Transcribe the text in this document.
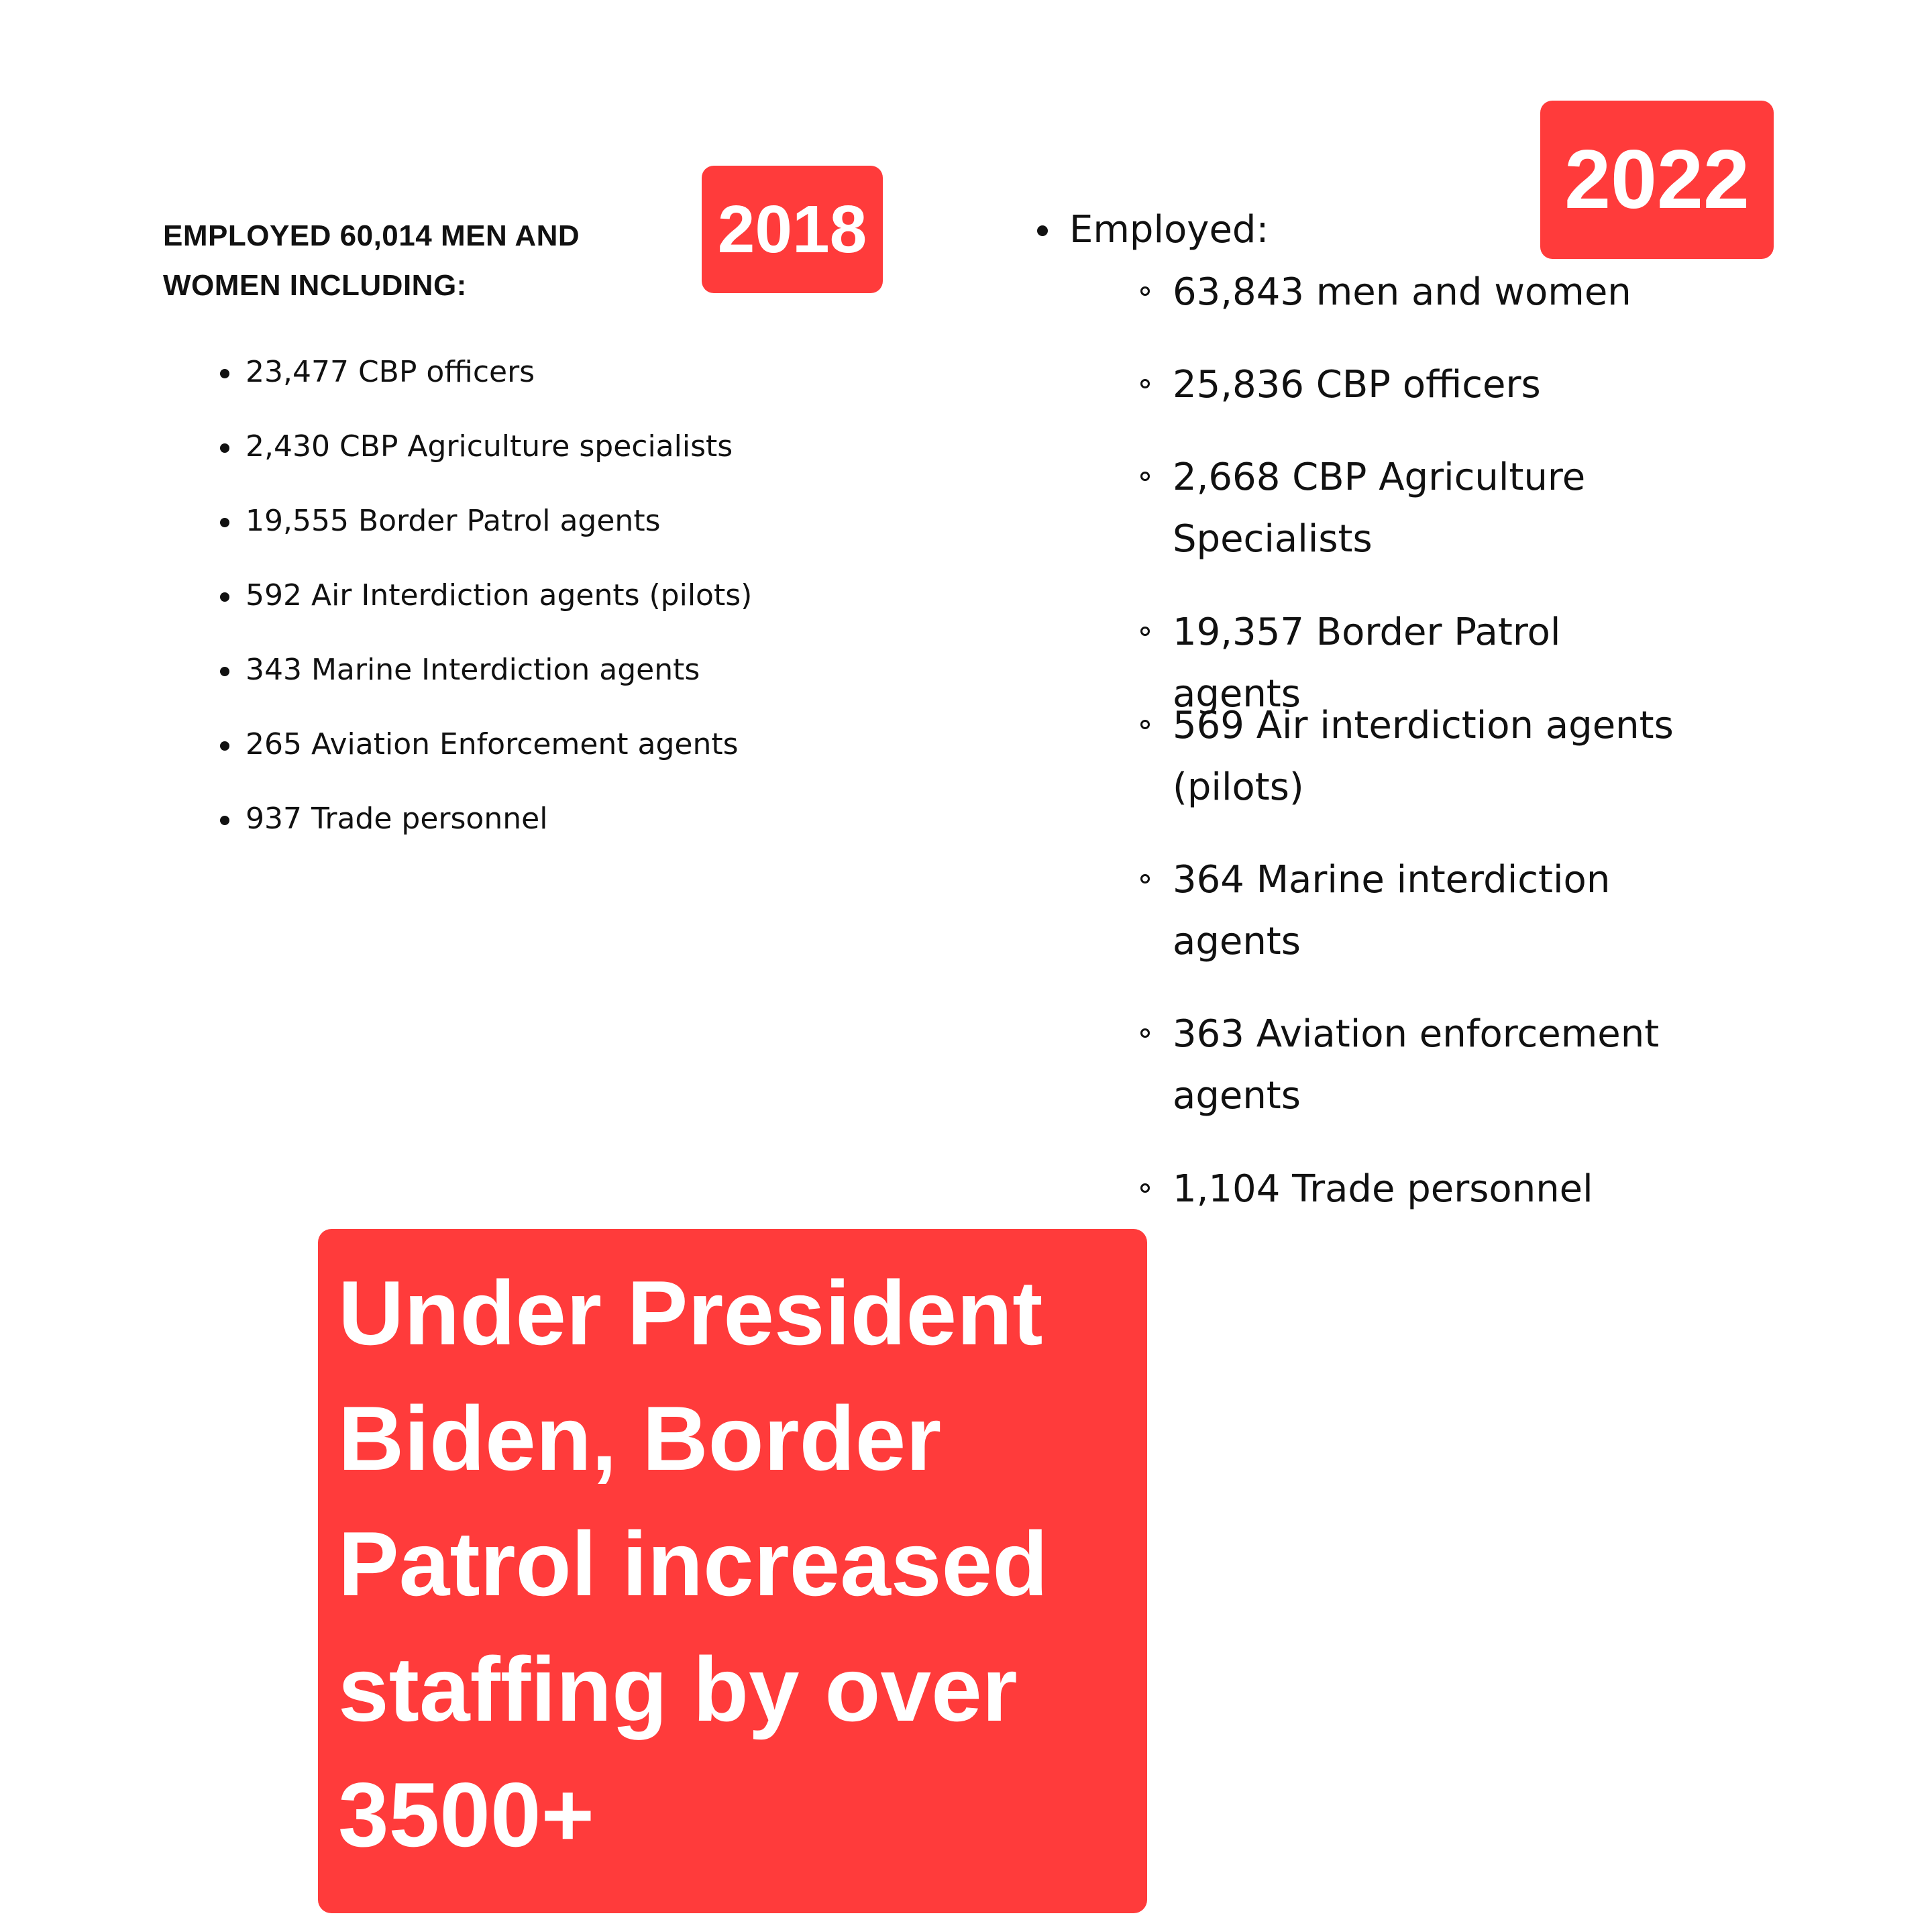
EMPLOYED 60,014 MEN AND WOMEN INCLUDING:
2018
23,477 CBP officers
2,430 CBP Agriculture specialists
19,555 Border Patrol agents
592 Air Interdiction agents (pilots)
343 Marine Interdiction agents
265 Aviation Enforcement agents
937 Trade personnel
2022
Employed:
63,843 men and women
25,836 CBP officers
2,668 CBP Agriculture Specialists
19,357 Border Patrol agents
569 Air interdiction agents (pilots)
364 Marine interdiction agents
363 Aviation enforcement agents
1,104 Trade personnel

Under President Biden, Border Patrol increased staffing by over 3500+
